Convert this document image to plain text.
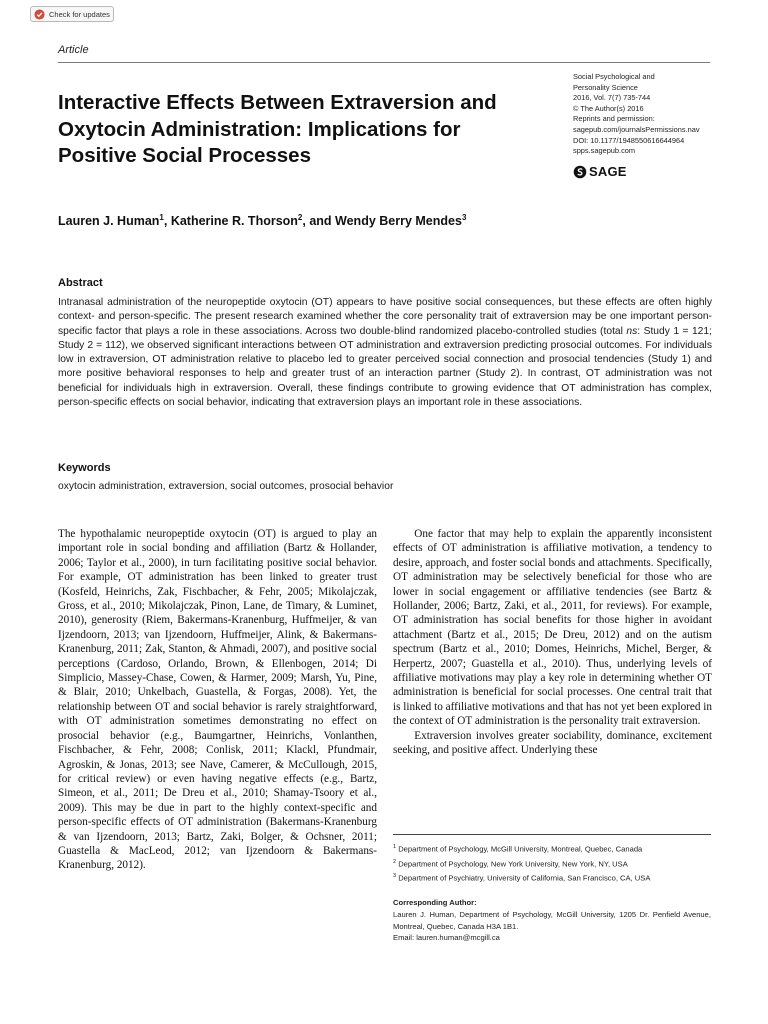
Check for updates
Article
Interactive Effects Between Extraversion and Oxytocin Administration: Implications for Positive Social Processes
Social Psychological and
Personality Science
2016, Vol. 7(7) 735-744
© The Author(s) 2016
Reprints and permission:
sagepub.com/journalsPermissions.nav
DOI: 10.1177/1948550616644964
spps.sagepub.com
SAGE
Lauren J. Human$^1$, Katherine R. Thorson$^2$, and Wendy Berry Mendes$^3$
Abstract

Intranasal administration of the neuropeptide oxytocin (OT) appears to have positive social consequences, but these effects are often highly context- and person-specific. The present research examined whether the core personality trait of extraversion may be one important person-specific factor that plays a role in these associations. Across two double-blind randomized placebo-controlled studies (total ns: Study 1 = 121; Study 2 = 112), we observed significant interactions between OT administration and extraversion predicting prosocial outcomes. For individuals low in extraversion, OT administration relative to placebo led to greater perceived social connection and prosocial tendencies (Study 1) and more positive behavioral responses to help and greater trust of an interaction partner (Study 2). In contrast, OT administration was not beneficial for individuals high in extraversion. Overall, these findings contribute to growing evidence that OT administration has complex, person-specific effects on social behavior, indicating that extraversion plays an important role in these associations.

Keywords
oxytocin administration, extraversion, social outcomes, prosocial behavior

The hypothalamic neuropeptide oxytocin (OT) is argued to play an important role in social bonding and affiliation (Bartz & Hollander, 2006; Taylor et al., 2000), in turn facilitating positive social behavior. For example, OT administration has been linked to greater trust (Kosfeld, Heinrichs, Zak, Fischbacher, & Fehr, 2005; Mikolajczak, Gross, et al., 2010; Mikolajczak, Pinon, Lane, de Timary, & Luminet, 2010), generosity (Riem, Bakermans-Kranenburg, Huffmeijer, & van Ijzendoorn, 2013; van Ijzendoorn, Huffmeijer, Alink, & Bakermans-Kranenburg, 2011; Zak, Stanton, & Ahmadi, 2007), and positive social perceptions (Cardoso, Orlando, Brown, & Ellenbogen, 2014; Di Simplicio, Massey-Chase, Cowen, & Harmer, 2009; Marsh, Yu, Pine, & Blair, 2010; Unkelbach, Guastella, & Forgas, 2008). Yet, the relationship between OT and social behavior is rarely straightforward, with OT administration sometimes demonstrating no effect on prosocial behavior (e.g., Baumgartner, Heinrichs, Vonlanthen, Fischbacher, & Fehr, 2008; Conlisk, 2011; Klackl, Pfundmair, Agroskin, & Jonas, 2013; see Nave, Camerer, & McCullough, 2015, for critical review) or even having negative effects (e.g., Bartz, Simeon, et al., 2011; De Dreu et al., 2010; Shamay-Tsoory et al., 2009). This may be due in part to the highly context-specific and person-specific effects of OT administration (Bakermans-Kranenburg & van Ijzendoorn, 2013; Bartz, Zaki, Bolger, & Ochsner, 2011; Guastella & MacLeod, 2012; van Ijzendoorn & Bakermans-Kranenburg, 2012).

One factor that may help to explain the apparently inconsistent effects of OT administration is affiliative motivation, a tendency to desire, approach, and foster social bonds and attachments. Specifically, OT administration may be selectively beneficial for those who are lower in social engagement or affiliative tendencies (see Bartz & Hollander, 2006; Bartz, Zaki, et al., 2011, for reviews). For example, OT administration has social benefits for those higher in avoidant attachment (Bartz et al., 2015; De Dreu, 2012) and on the autism spectrum (Bartz et al., 2010; Domes, Heinrichs, Michel, Berger, & Herpertz, 2007; Guastella et al., 2010). Thus, underlying levels of affiliative motivations may play a key role in determining whether OT administration is beneficial for social processes. One central trait that is linked to affiliative motivations and that has not yet been explored in the context of OT administration is the personality trait extraversion.

Extraversion involves greater sociability, dominance, excitement seeking, and positive affect. Underlying these

$^1$ Department of Psychology, McGill University, Montreal, Quebec, Canada
$^2$ Department of Psychology, New York University, New York, NY, USA
$^3$ Department of Psychiatry, University of California, San Francisco, CA, USA
Corresponding Author:
Lauren J. Human, Department of Psychology, McGill University, 1205 Dr. Penfield Avenue, Montreal, Quebec, Canada H3A 1B1.
Email: lauren.human@mcgill.ca
